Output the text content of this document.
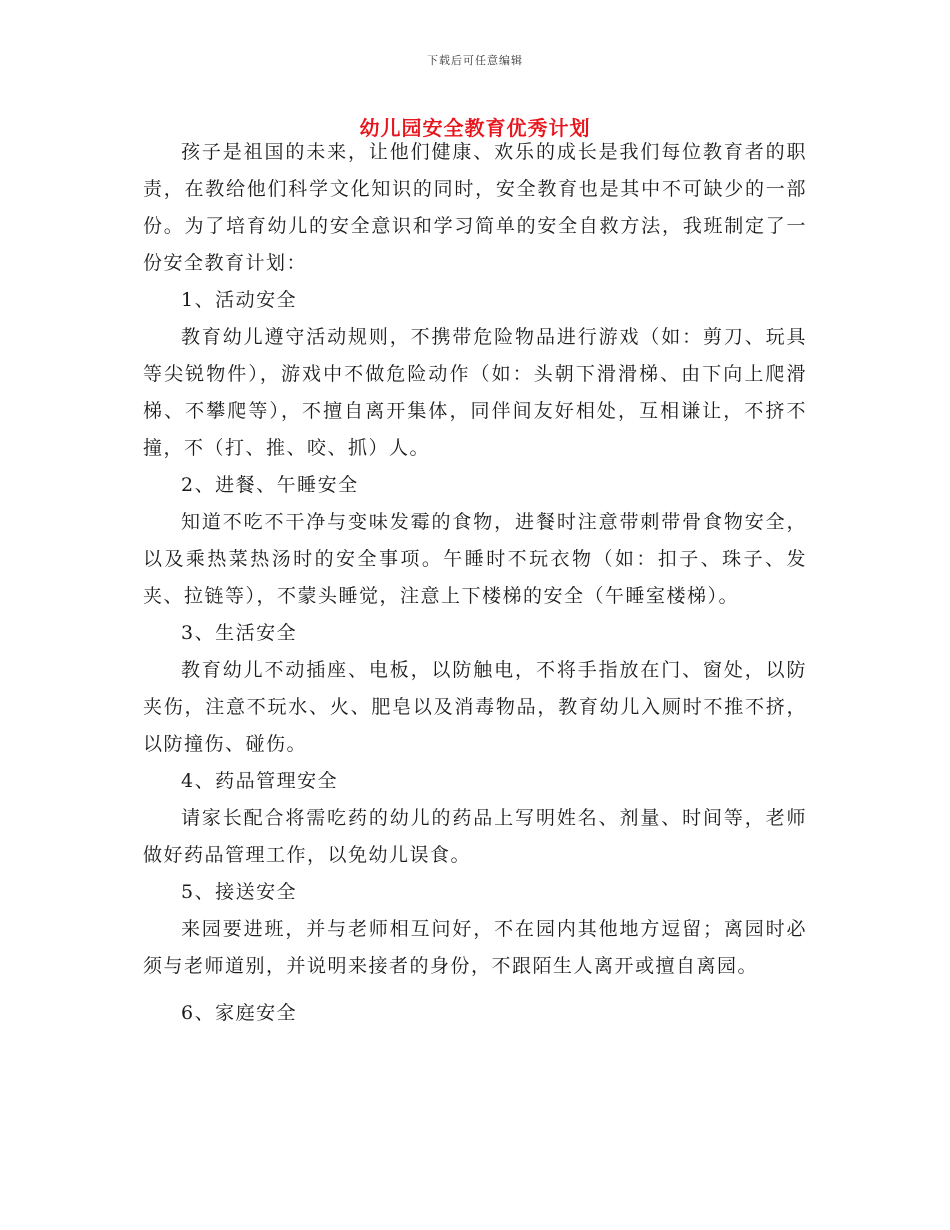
下载后可任意编辑
幼儿园安全教育优秀计划

孩子是祖国的未来，让他们健康、欢乐的成长是我们每位教育者的职责，在教给他们科学文化知识的同时，安全教育也是其中不可缺少的一部份。为了培育幼儿的安全意识和学习简单的安全自救方法，我班制定了一份安全教育计划：

1、活动安全

教育幼儿遵守活动规则，不携带危险物品进行游戏（如：剪刀、玩具等尖锐物件），游戏中不做危险动作（如：头朝下滑滑梯、由下向上爬滑梯、不攀爬等），不擅自离开集体，同伴间友好相处，互相谦让，不挤不撞，不（打、推、咬、抓）人。

2、进餐、午睡安全

知道不吃不干净与变味发霉的食物，进餐时注意带刺带骨食物安全，以及乘热菜热汤时的安全事项。午睡时不玩衣物（如：扣子、珠子、发夹、拉链等），不蒙头睡觉，注意上下楼梯的安全（午睡室楼梯）。

3、生活安全

教育幼儿不动插座、电板，以防触电，不将手指放在门、窗处，以防夹伤，注意不玩水、火、肥皂以及消毒物品，教育幼儿入厕时不推不挤，以防撞伤、碰伤。

4、药品管理安全

请家长配合将需吃药的幼儿的药品上写明姓名、剂量、时间等，老师做好药品管理工作，以免幼儿误食。

5、接送安全

来园要进班，并与老师相互问好，不在园内其他地方逗留；离园时必须与老师道别，并说明来接者的身份，不跟陌生人离开或擅自离园。

6、家庭安全
